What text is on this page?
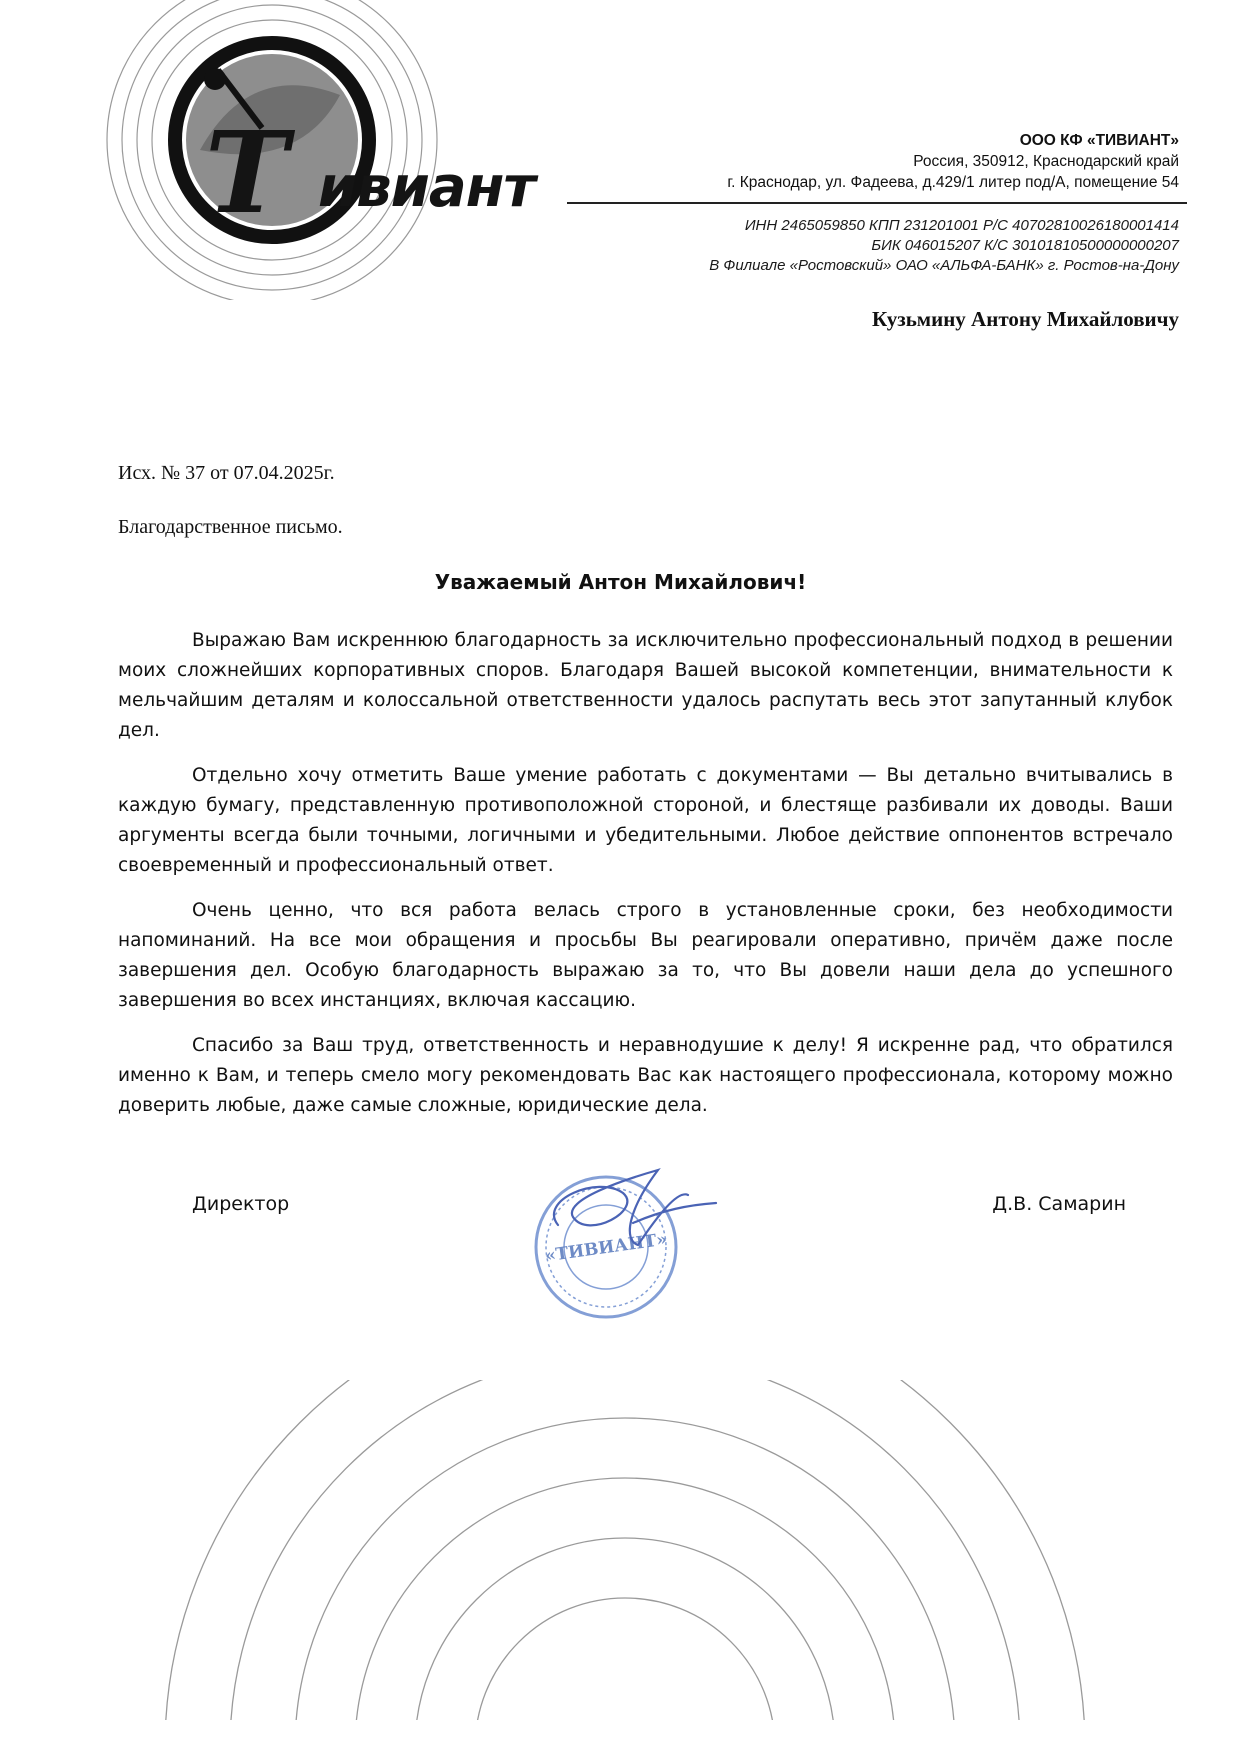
Т ивиант
ООО КФ «ТИВИАНТ»
Россия, 350912, Краснодарский край
г. Краснодар, ул. Фадеева, д.429/1 литер под/А, помещение 54
ИНН 2465059850 КПП 231201001 Р/С 40702810026180001414
БИК 046015207 К/С 30101810500000000207
В Филиале «Ростовский» ОАО «АЛЬФА-БАНК» г. Ростов-на-Дону
Кузьмину Антону Михайловичу
Исх. № 37 от 07.04.2025г.
Благодарственное письмо.
Уважаемый Антон Михайлович!

Выражаю Вам искреннюю благодарность за исключительно профессиональный подход в решении моих сложнейших корпоративных споров. Благодаря Вашей высокой компетенции, внимательности к мельчайшим деталям и колоссальной ответственности удалось распутать весь этот запутанный клубок дел.

Отдельно хочу отметить Ваше умение работать с документами — Вы детально вчитывались в каждую бумагу, представленную противоположной стороной, и блестяще разбивали их доводы. Ваши аргументы всегда были точными, логичными и убедительными. Любое действие оппонентов встречало своевременный и профессиональный ответ.

Очень ценно, что вся работа велась строго в установленные сроки, без необходимости напоминаний. На все мои обращения и просьбы Вы реагировали оперативно, причём даже после завершения дел. Особую благодарность выражаю за то, что Вы довели наши дела до успешного завершения во всех инстанциях, включая кассацию.

Спасибо за Ваш труд, ответственность и неравнодушие к делу! Я искренне рад, что обратился именно к Вам, и теперь смело могу рекомендовать Вас как настоящего профессионала, которому можно доверить любые, даже самые сложные, юридические дела.

Директор	Д.В. Самарин
«ТИВИАНТ»
